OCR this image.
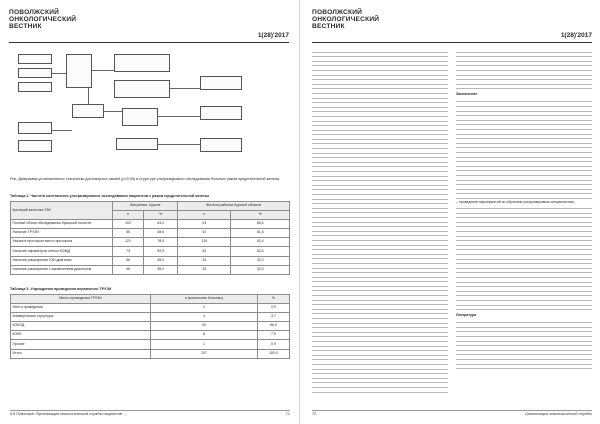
ПОВОЛЖСКИЙ
ОНКОЛОГИЧЕСКИЙ
ВЕСТНИК
1(28)'2017
Рис. Диаграмма установленных статически достоверных связей (p<0,05) в структуре ультразвукового обследования больных раком предстательной железы
Таблица 2. Частота сочетанного ультразвукового исследования пациентов с раком предстательной железы
Критерий качества УЗИ	Жигулевск. Курсов		Жители районов Курской области	
	n	%	n	%
Полный объем обследования брюшной полости	102	64,2	93	65,4
Наличие ТРУЗИ	55	48,5	52	51,5
Указан в протоколе место протокола	121	76,0	126	92,4
Наличие параметров стенок КОЖД	73	59,5	54	52,4
Наличие расширения УЗИ диагнозы	46	38,0	33	32,0
Наличие расширения с заключением диагнозом	46	38,0	33	32,0
Таблица 3. Учреждения проведения первичного ТРУЗИ
Место проведения ТРУЗИ	n (количество больных)	%
Место проведения	1	0,9
Коммерческие структуры	4	3,7
КОКОД	93	86,9
КОКБ	8	7,5
Прочие	1	0,9
Итого	107	100,0
6.6 Поволжье. Организация онкологической службы пациентов …	71
ПОВОЛЖСКИЙ
ОНКОЛОГИЧЕСКИЙ
ВЕСТНИК
1(28)'2017
Заключение

– проведение мероприятий по обучению ультразвуковым специалистам;

Литература
72	Организация онкологической службы
